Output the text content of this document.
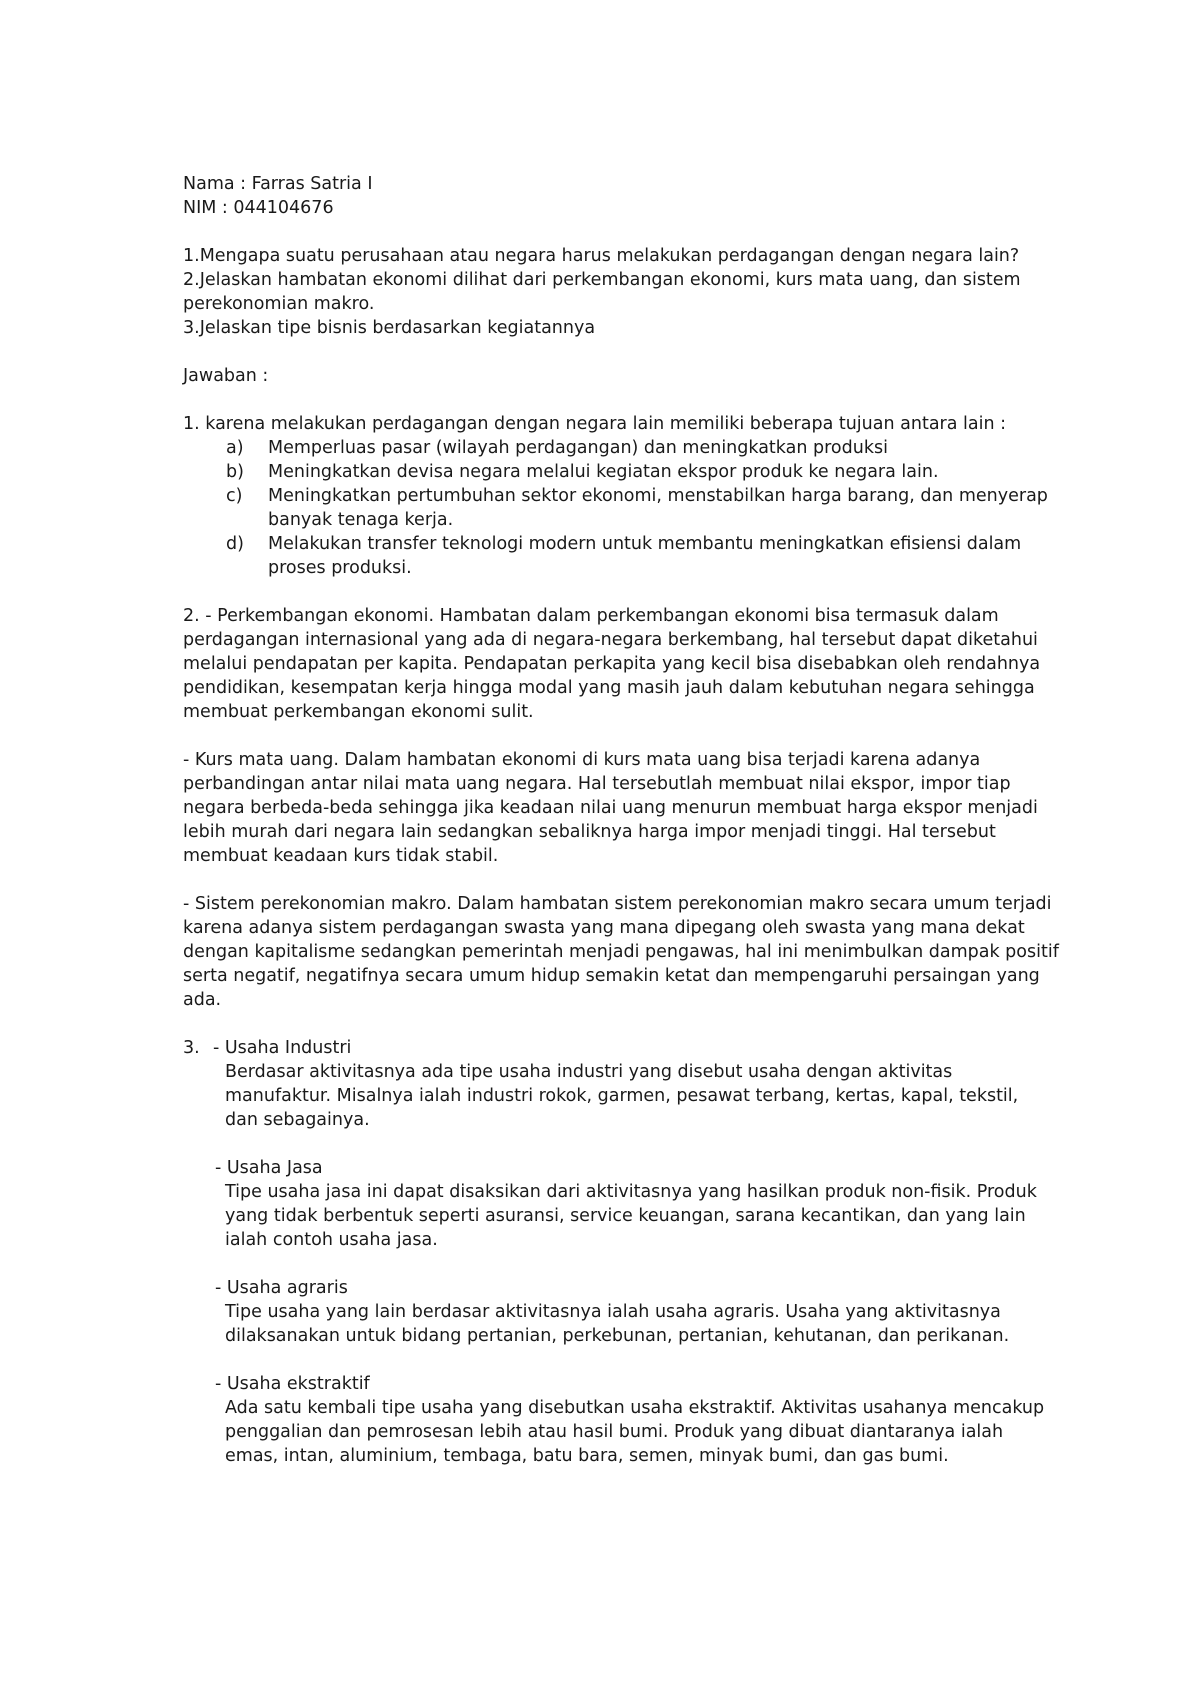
Nama : Farras Satria I

NIM : 044104676

1.Mengapa suatu perusahaan atau negara harus melakukan perdagangan dengan negara lain?

2.Jelaskan hambatan ekonomi dilihat dari perkembangan ekonomi, kurs mata uang, dan sistem perekonomian makro.

3.Jelaskan tipe bisnis berdasarkan kegiatannya

Jawaban :

1. karena melakukan perdagangan dengan negara lain memiliki beberapa tujuan antara lain :

a)	Memperluas pasar (wilayah perdagangan) dan meningkatkan produksi
b)	Meningkatkan devisa negara melalui kegiatan ekspor produk ke negara lain.
c)	Meningkatkan pertumbuhan sektor ekonomi, menstabilkan harga barang, dan menyerap banyak tenaga kerja.
d)	Melakukan transfer teknologi modern untuk membantu meningkatkan efisiensi dalam proses produksi.

2. - Perkembangan ekonomi. Hambatan dalam perkembangan ekonomi bisa termasuk dalam perdagangan internasional yang ada di negara-negara berkembang, hal tersebut dapat diketahui melalui pendapatan per kapita. Pendapatan perkapita yang kecil bisa disebabkan oleh rendahnya pendidikan, kesempatan kerja hingga modal yang masih jauh dalam kebutuhan negara sehingga membuat perkembangan ekonomi sulit.

- Kurs mata uang. Dalam hambatan ekonomi di kurs mata uang bisa terjadi karena adanya perbandingan antar nilai mata uang negara. Hal tersebutlah membuat nilai ekspor, impor tiap negara berbeda-beda sehingga jika keadaan nilai uang menurun membuat harga ekspor menjadi lebih murah dari negara lain sedangkan sebaliknya harga impor menjadi tinggi. Hal tersebut membuat keadaan kurs tidak stabil.

- Sistem perekonomian makro. Dalam hambatan sistem perekonomian makro secara umum terjadi karena adanya sistem perdagangan swasta yang mana dipegang oleh swasta yang mana dekat dengan kapitalisme sedangkan pemerintah menjadi pengawas, hal ini menimbulkan dampak positif serta negatif, negatifnya secara umum hidup semakin ketat dan mempengaruhi persaingan yang ada.

3. - Usaha Industri

Berdasar aktivitasnya ada tipe usaha industri yang disebut usaha dengan aktivitas manufaktur. Misalnya ialah industri rokok, garmen, pesawat terbang, kertas, kapal, tekstil, dan sebagainya.

- Usaha Jasa

Tipe usaha jasa ini dapat disaksikan dari aktivitasnya yang hasilkan produk non-fisik. Produk yang tidak berbentuk seperti asuransi, service keuangan, sarana kecantikan, dan yang lain ialah contoh usaha jasa.

- Usaha agraris

Tipe usaha yang lain berdasar aktivitasnya ialah usaha agraris. Usaha yang aktivitasnya dilaksanakan untuk bidang pertanian, perkebunan, pertanian, kehutanan, dan perikanan.

- Usaha ekstraktif

Ada satu kembali tipe usaha yang disebutkan usaha ekstraktif. Aktivitas usahanya mencakup penggalian dan pemrosesan lebih atau hasil bumi. Produk yang dibuat diantaranya ialah emas, intan, aluminium, tembaga, batu bara, semen, minyak bumi, dan gas bumi.
